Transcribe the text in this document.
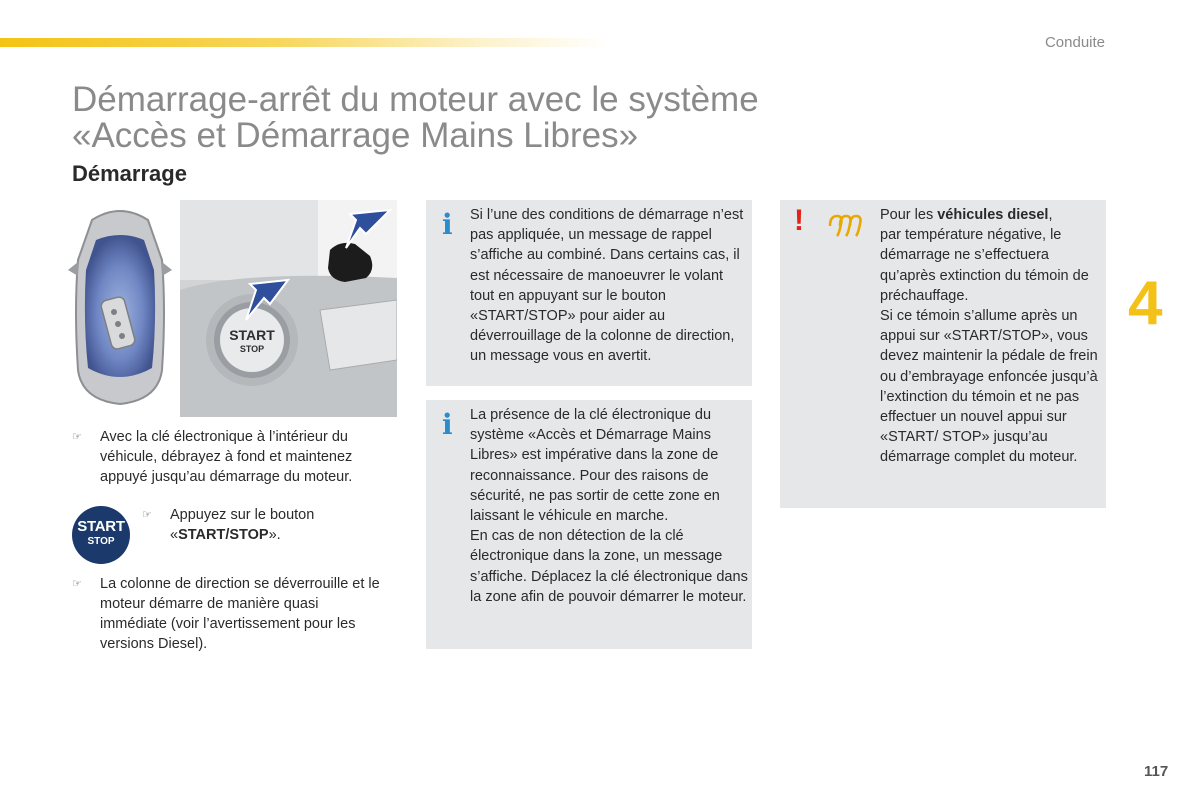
Conduite
Démarrage-arrêt du moteur avec le système
«Accès et Démarrage Mains Libres»
Démarrage
4
START
STOP
☞	Avec la clé électronique à l’intérieur du véhicule, débrayez à fond et maintenez appuyé jusqu’au démarrage du moteur.
START
STOP
☞	Appuyez sur le bouton «START/STOP».
☞	La colonne de direction se déverrouille et le moteur démarre de manière quasi immédiate (voir l’avertissement pour les versions Diesel).
i Si l’une des conditions de démarrage n’est pas appliquée, un message de rappel s’affiche au combiné. Dans certains cas, il est nécessaire de manoeuvrer le volant tout en appuyant sur le bouton «START/STOP» pour aider au déverrouillage de la colonne de direction, un message vous en avertit.

i La présence de la clé électronique du système «Accès et Démarrage Mains Libres» est impérative dans la zone de reconnaissance. Pour des raisons de sécurité, ne pas sortir de cette zone en laissant le véhicule en marche.

En cas de non détection de la clé électronique dans la zone, un message s’affiche. Déplacez la clé électronique dans la zone afin de pouvoir démarrer le moteur.

!	Pour les véhicules diesel,

par température négative, le démarrage ne s’effectuera qu’après extinction du témoin de préchauffage.

Si ce témoin s’allume après un appui sur «START/STOP», vous devez maintenir la pédale de frein ou d’embrayage enfoncée jusqu’à l’extinction du témoin et ne pas effectuer un nouvel appui sur «START/ STOP» jusqu’au démarrage complet du moteur.

117
